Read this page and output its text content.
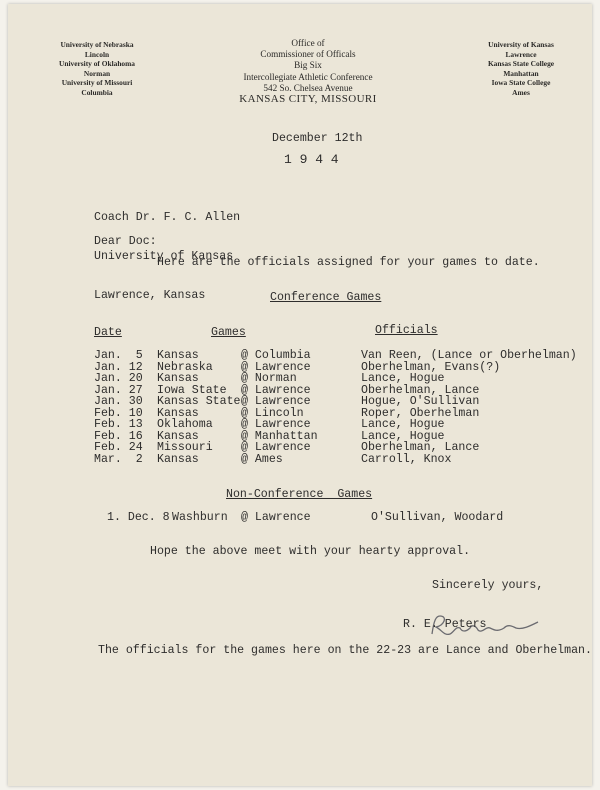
University of Nebraska
Lincoln
University of Oklahoma
Norman
University of Missouri
Columbia
Office of
Commissioner of Officals
Big Six
Intercollegiate Athletic Conference
542 So. Chelsea Avenue
KANSAS CITY, MISSOURI
University of Kansas
Lawrence
Kansas State College
Manhattan
Iowa State College
Ames
December 12th
1 9 4 4

Coach Dr. F. C. Allen

University of Kansas

Lawrence, Kansas

Dear Doc:
Here are the officials assigned for your games to date.
Conference Games
Date	Games	Officials
Jan.  5 Kansas	@ Columbia	Van Reen, (Lance or Oberhelman)
Jan. 12 Nebraska @ Lawrence	Oberhelman, Evans(?)
Jan. 20 Kansas	@ Norman	Lance, Hogue
Jan. 27 Iowa State @ Lawrence	Oberhelman, Lance
Jan. 30 Kansas State @ Lawrence	Hogue, O'Sullivan
Feb. 10 Kansas	@ Lincoln	Roper, Oberhelman
Feb. 13 Oklahoma @ Lawrence	Lance, Hogue
Feb. 16 Kansas	@ Manhattan	Lance, Hogue
Feb. 24 Missouri @ Lawrence	Oberhelman, Lance
Mar.  2 Kansas	@ Ames	Carroll, Knox
Non-Conference  Games
1. Dec. 8 Washburn @ Lawrence	O'Sullivan, Woodard
Hope the above meet with your hearty approval.
Sincerely yours,

R. E. Peters
The officials for the games here on the 22-23 are Lance and Oberhelman.
